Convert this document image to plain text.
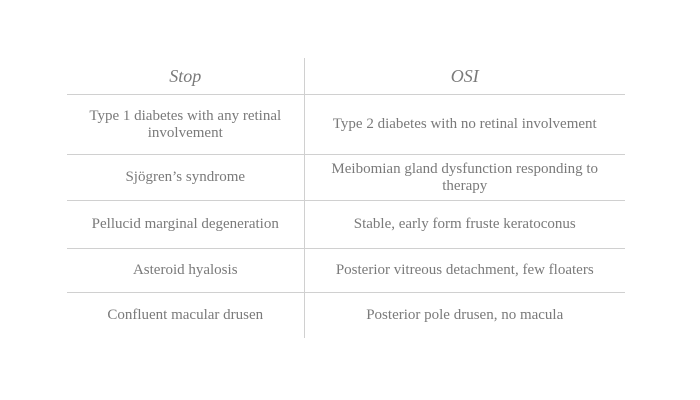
Stop	OSI
Type 1 diabetes with any retinal involvement	Type 2 diabetes with no retinal involvement
Sjögren’s syndrome	Meibomian gland dysfunction responding to therapy
Pellucid marginal degeneration	Stable, early form fruste keratoconus
Asteroid hyalosis	Posterior vitreous detachment, few floaters
Confluent macular drusen	Posterior pole drusen, no macula
